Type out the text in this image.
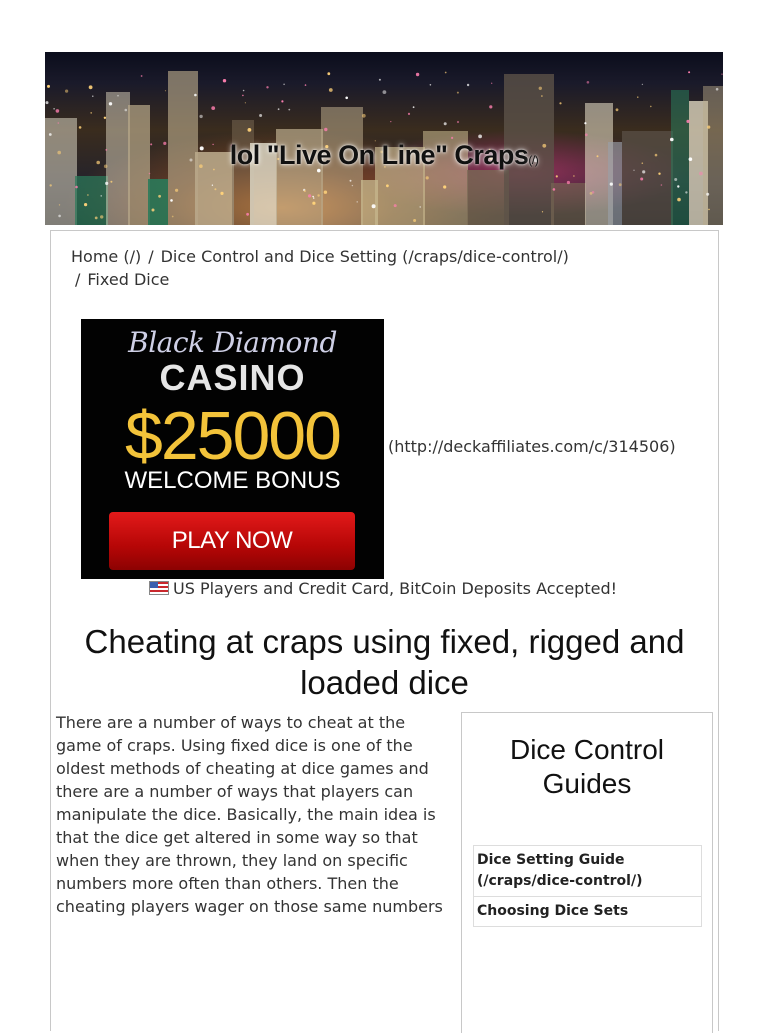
lol "Live On Line" Craps(/)
Home (/) / Dice Control and Dice Setting (/craps/dice-control/)
/ Fixed Dice
Black Diamond
CASINO
$25000
WELCOME BONUS
PLAY NOW
(http://deckaffiliates.com/c/314506)
US Players and Credit Card, BitCoin Deposits Accepted!
Cheating at craps using fixed, rigged and loaded dice
There are a number of ways to cheat at the game of craps. Using fixed dice is one of the oldest methods of cheating at dice games and there are a number of ways that players can manipulate the dice. Basically, the main idea is that the dice get altered in some way so that when they are thrown, they land on specific numbers more often than others. Then the cheating players wager on those same numbers
Dice Control Guides
Dice Setting Guide (/craps/dice-control/)
Choosing Dice Sets
